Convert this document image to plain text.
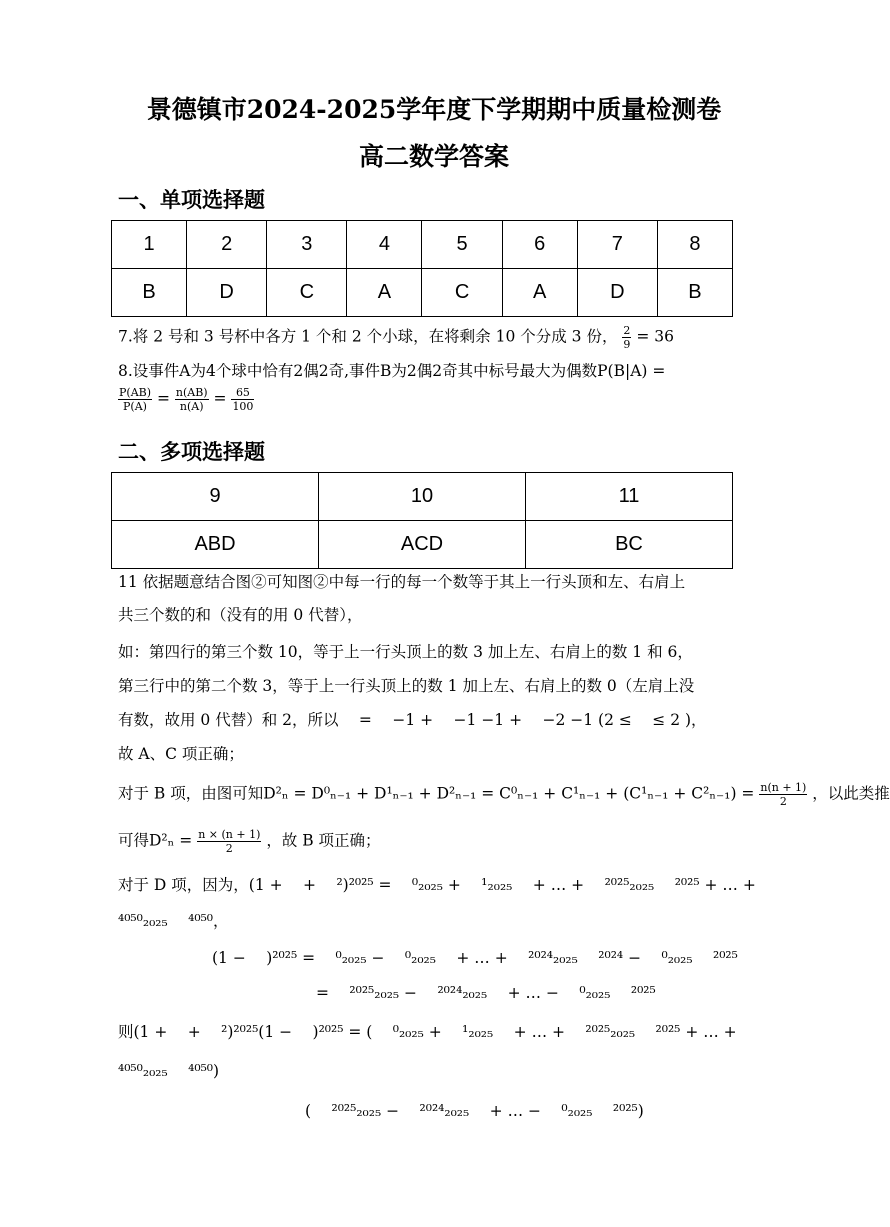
景德镇市2024-2025学年度下学期期中质量检测卷
高二数学答案
一、单项选择题
1	2	3	4	5	6	7	8
B	D	C	A	C	A	D	B
7.将 2 号和 3 号杯中各方 1 个和 2 个小球，在将剩余 10 个分成 3 份， $\frac{2}{9} = 36$
8.设事件A为4个球中恰有2偶2奇,事件B为2偶2奇其中标号最大为偶数P(B|A) =
$\frac{P(AB)}{P(A)} = \frac{n(AB)}{n(A)} = \frac{65}{100}$
二、多项选择题
9	10	11
ABD	ACD	BC
11 依据题意结合图②可知图②中每一行的每一个数等于其上一行头顶和左、右肩上
共三个数的和（没有的用 0 代替），
如：第四行的第三个数 10，等于上一行头顶上的数 3 加上左、右肩上的数 1 和 6，
第三行中的第二个数 3，等于上一行头顶上的数 1 加上左、右肩上的数 0（左肩上没
有数，故用 0 代替）和 2，所以　 =　 −1 +　 −1 −1 +　 −2 −1 (2 ≤　 ≤ 2 )，
故 A、C 项正确；
对于 B 项，由图可知$D^2_n = D^0_{n-1} + D^1_{n-1} + D^2_{n-1} = C^0_{n-1} + C^1_{n-1} + (C^1_{n-1} + C^2_{n-1}) = \frac{n(n + 1)}{2}$ ，以此类推
可得$D^2_n = \frac{n \times (n + 1)}{2}$ ，故 B 项正确；
对于 D 项，因为，(1 +　 +　 ²)²⁰²⁵ =　 ⁰₂₀₂₅ +　 ¹₂₀₂₅　 + … +　 ²⁰²⁵₂₀₂₅　 ²⁰²⁵ + … +
⁴⁰⁵⁰₂₀₂₅　 ⁴⁰⁵⁰，
(1 −　 )²⁰²⁵ =　 ⁰₂₀₂₅ −　 ⁰₂₀₂₅　 + … +　 ²⁰²⁴₂₀₂₅　 ²⁰²⁴ −　 ⁰₂₀₂₅　 ²⁰²⁵
=　 ²⁰²⁵₂₀₂₅ −　 ²⁰²⁴₂₀₂₅　 + … −　 ⁰₂₀₂₅　 ²⁰²⁵
则(1 +　 +　 ²)²⁰²⁵(1 −　 )²⁰²⁵ = (　 ⁰₂₀₂₅ +　 ¹₂₀₂₅　 + … +　 ²⁰²⁵₂₀₂₅　 ²⁰²⁵ + … +
⁴⁰⁵⁰₂₀₂₅　 ⁴⁰⁵⁰)
(　 ²⁰²⁵₂₀₂₅ −　 ²⁰²⁴₂₀₂₅　 + … −　 ⁰₂₀₂₅　 ²⁰²⁵)
